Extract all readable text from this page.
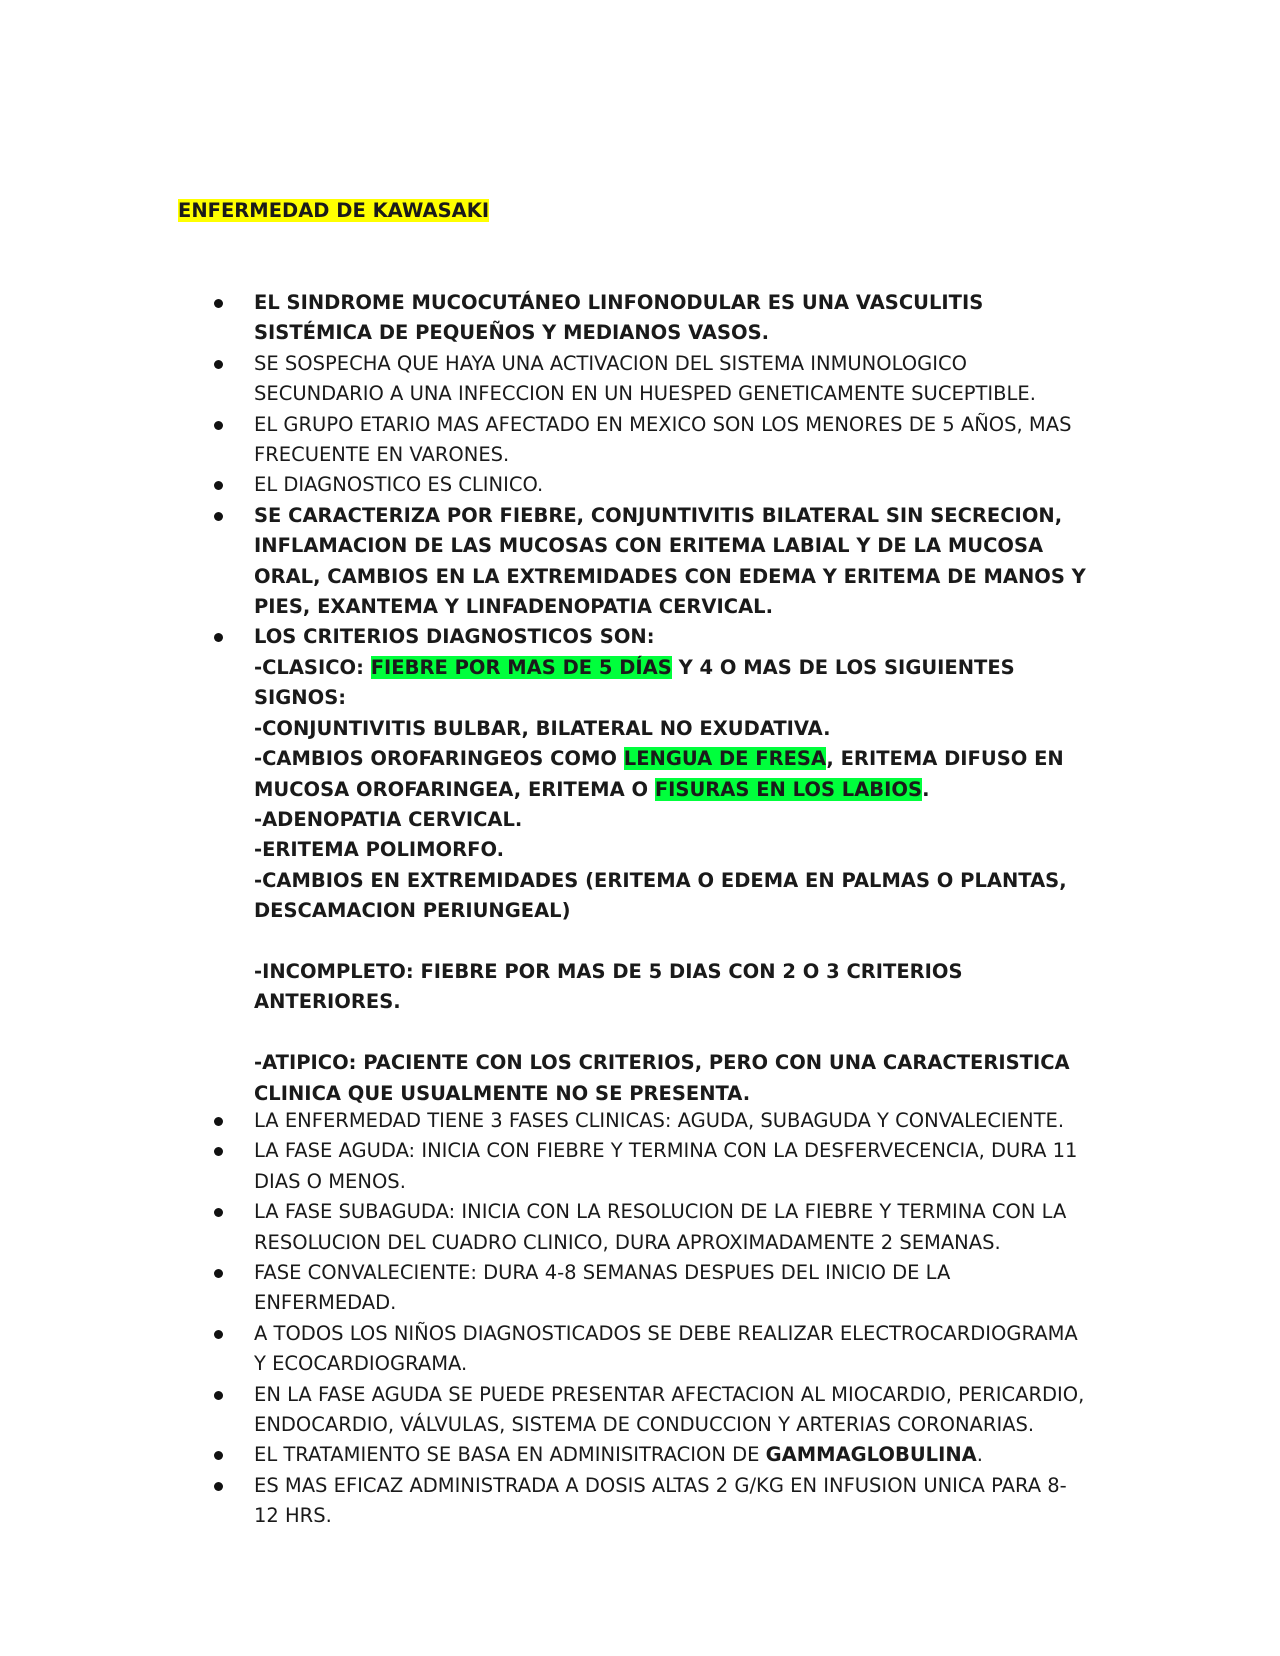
ENFERMEDAD DE KAWASAKI
EL SINDROME MUCOCUTÁNEO LINFONODULAR ES UNA VASCULITIS SISTÉMICA DE PEQUEÑOS Y MEDIANOS VASOS.
SE SOSPECHA QUE HAYA UNA ACTIVACION DEL SISTEMA INMUNOLOGICO SECUNDARIO A UNA INFECCION EN UN HUESPED GENETICAMENTE SUCEPTIBLE.
EL GRUPO ETARIO MAS AFECTADO EN MEXICO SON LOS MENORES DE 5 AÑOS, MAS FRECUENTE EN VARONES.
EL DIAGNOSTICO ES CLINICO.
SE CARACTERIZA POR FIEBRE, CONJUNTIVITIS BILATERAL SIN SECRECION, INFLAMACION DE LAS MUCOSAS CON ERITEMA LABIAL Y DE LA MUCOSA ORAL, CAMBIOS EN LA EXTREMIDADES CON EDEMA Y ERITEMA DE MANOS Y PIES, EXANTEMA Y LINFADENOPATIA CERVICAL.
LOS CRITERIOS DIAGNOSTICOS SON:
-CLASICO: FIEBRE POR MAS DE 5 DÍAS Y 4 O MAS DE LOS SIGUIENTES SIGNOS:
-CONJUNTIVITIS BULBAR, BILATERAL NO EXUDATIVA.
-CAMBIOS OROFARINGEOS COMO LENGUA DE FRESA, ERITEMA DIFUSO EN MUCOSA OROFARINGEA, ERITEMA O FISURAS EN LOS LABIOS.
-ADENOPATIA CERVICAL.
-ERITEMA POLIMORFO.
-CAMBIOS EN EXTREMIDADES (ERITEMA O EDEMA EN PALMAS O PLANTAS, DESCAMACION PERIUNGEAL)
-INCOMPLETO: FIEBRE POR MAS DE 5 DIAS CON 2 O 3 CRITERIOS ANTERIORES.
-ATIPICO: PACIENTE CON LOS CRITERIOS, PERO CON UNA CARACTERISTICA CLINICA QUE USUALMENTE NO SE PRESENTA.
LA ENFERMEDAD TIENE 3 FASES CLINICAS: AGUDA, SUBAGUDA Y CONVALECIENTE.
LA FASE AGUDA: INICIA CON FIEBRE Y TERMINA CON LA DESFERVECENCIA, DURA 11 DIAS O MENOS.
LA FASE SUBAGUDA: INICIA CON LA RESOLUCION DE LA FIEBRE Y TERMINA CON LA RESOLUCION DEL CUADRO CLINICO, DURA APROXIMADAMENTE 2 SEMANAS.
FASE CONVALECIENTE: DURA 4-8 SEMANAS DESPUES DEL INICIO DE LA ENFERMEDAD.
A TODOS LOS NIÑOS DIAGNOSTICADOS SE DEBE REALIZAR ELECTROCARDIOGRAMA Y ECOCARDIOGRAMA.
EN LA FASE AGUDA SE PUEDE PRESENTAR AFECTACION AL MIOCARDIO, PERICARDIO, ENDOCARDIO, VÁLVULAS, SISTEMA DE CONDUCCION Y ARTERIAS CORONARIAS.
EL TRATAMIENTO SE BASA EN ADMINISITRACION DE GAMMAGLOBULINA.
ES MAS EFICAZ ADMINISTRADA A DOSIS ALTAS 2 G/KG EN INFUSION UNICA PARA 8-12 HRS.
